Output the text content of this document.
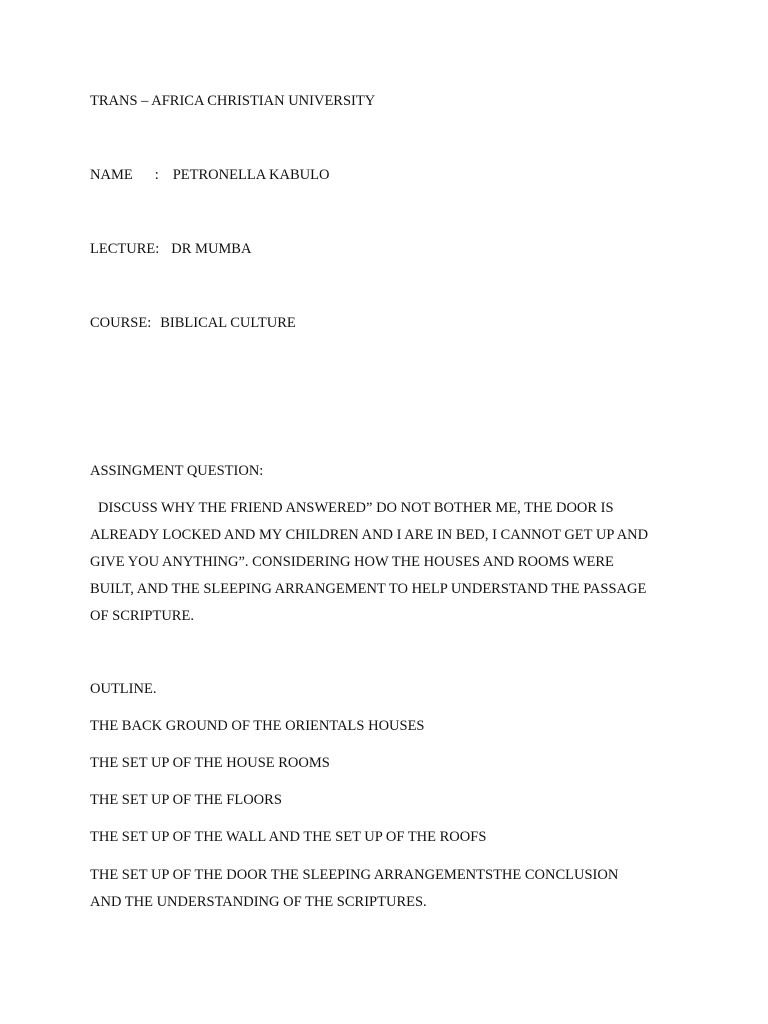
TRANS – AFRICA CHRISTIAN UNIVERSITY

NAME : PETRONELLA KABULO

LECTURE: DR MUMBA

COURSE: BIBLICAL CULTURE

ASSINGMENT QUESTION:

DISCUSS WHY THE FRIEND ANSWERED” DO NOT BOTHER ME, THE DOOR IS
ALREADY LOCKED AND MY CHILDREN AND I ARE IN BED, I CANNOT GET UP AND
GIVE YOU ANYTHING”. CONSIDERING HOW THE HOUSES AND ROOMS WERE
BUILT, AND THE SLEEPING ARRANGEMENT TO HELP UNDERSTAND THE PASSAGE
OF SCRIPTURE.

OUTLINE.

THE BACK GROUND OF THE ORIENTALS HOUSES

THE SET UP OF THE HOUSE ROOMS

THE SET UP OF THE FLOORS

THE SET UP OF THE WALL AND THE SET UP OF THE ROOFS

THE SET UP OF THE DOOR THE SLEEPING ARRANGEMENTSTHE CONCLUSION
AND THE UNDERSTANDING OF THE SCRIPTURES.
